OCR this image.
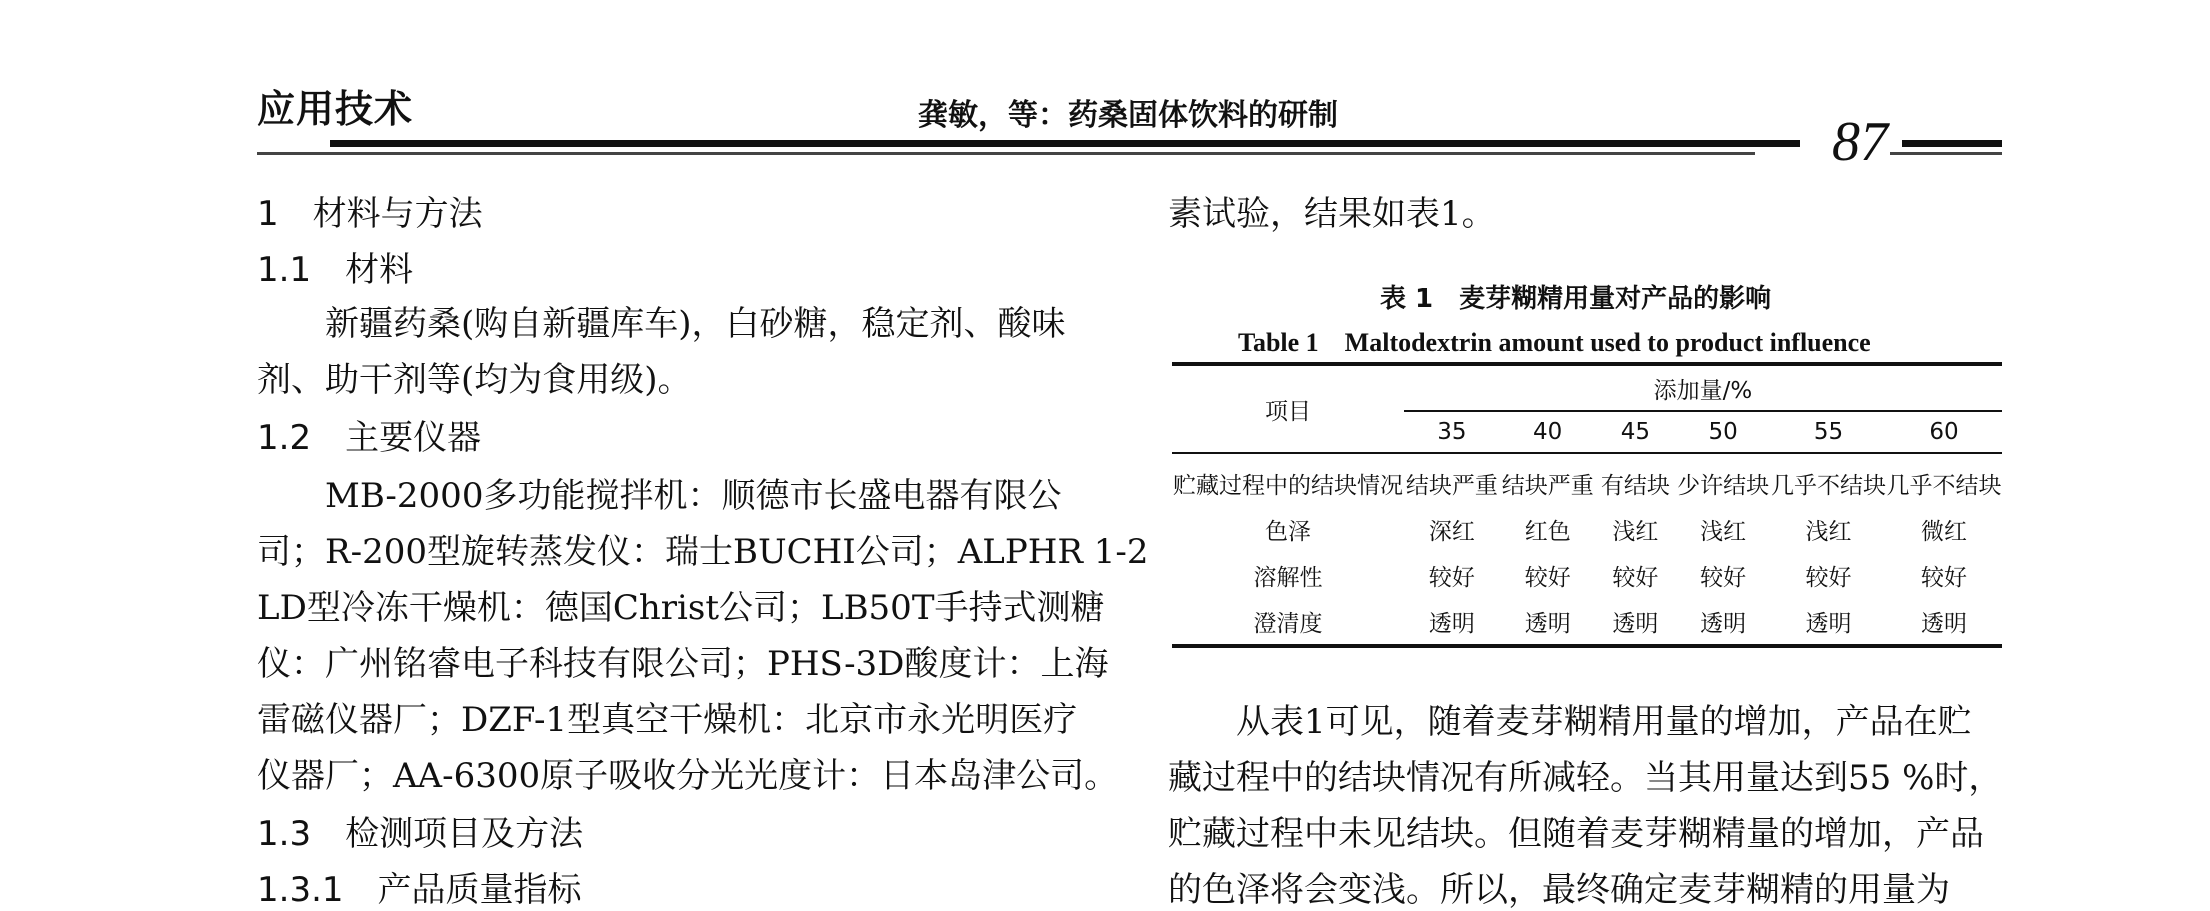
应用技术	龚敏，等：药桑固体饮料的研制	87
1　材料与方法
1.1　材料
　　新疆药桑(购自新疆库车)，白砂糖，稳定剂、酸味
剂、助干剂等(均为食用级)。
1.2　主要仪器
　　MB-2000多功能搅拌机：顺德市长盛电器有限公
司；R-200型旋转蒸发仪：瑞士BUCHI公司；ALPHR 1-2
LD型冷冻干燥机：德国Christ公司；LB50T手持式测糖
仪：广州铭睿电子科技有限公司；PHS-3D酸度计：上海
雷磁仪器厂；DZF-1型真空干燥机：北京市永光明医疗
仪器厂；AA-6300原子吸收分光光度计：日本岛津公司。
1.3　检测项目及方法
1.3.1　产品质量指标
素试验，结果如表1。
表 1　麦芽糊精用量对产品的影响
Table 1　Maltodextrin amount used to product influence
项目	添加量/%					
	35	40	45	50	55	60
贮藏过程中的结块情况	结块严重	结块严重	有结块	少许结块	几乎不结块	几乎不结块
色泽	深红	红色	浅红	浅红	浅红	微红
溶解性	较好	较好	较好	较好	较好	较好
澄清度	透明	透明	透明	透明	透明	透明
　　从表1可见，随着麦芽糊精用量的增加，产品在贮
藏过程中的结块情况有所减轻。当其用量达到55 %时，
贮藏过程中未见结块。但随着麦芽糊精量的增加，产品
的色泽将会变浅。所以，最终确定麦芽糊精的用量为
